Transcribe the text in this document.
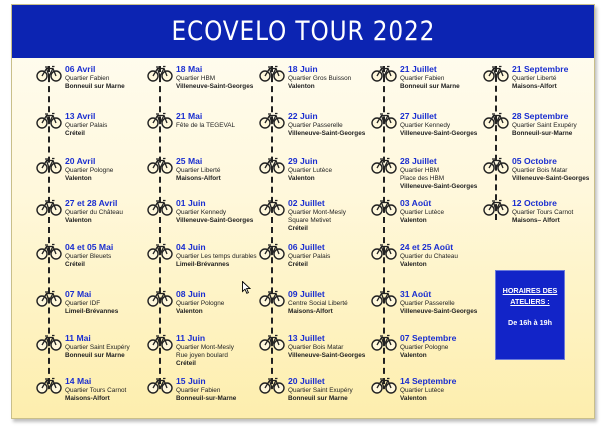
ECOVELO TOUR 2022
06 Avril
Quartier Fabien
Bonneuil sur Marne
13 Avril
Quartier Palais
Créteil
20 Avril
Quartier Pologne
Valenton
27 et 28 Avril
Quartier du Château
Valenton
04 et 05 Mai
Quartier Bleuets
Créteil
07 Mai
Quartier IDF
Limeil-Brévannes
11 Mai
Quartier Saint Exupéry
Bonneuil sur Marne
14 Mai
Quartier Tours Carnot
Maisons-Alfort
18 Mai
Quartier HBM
Villeneuve-Saint-Georges
21 Mai
Fête de la TEGEVAL
25 Mai
Quartier Liberté
Maisons-Alfort
01 Juin
Quartier Kennedy
Villeneuve-Saint-Georges
04 Juin
Quartier Les temps durables
Limeil-Brévannes
08 Juin
Quartier Pologne
Valenton
11 Juin
Quartier Mont-Mesly
Rue joyen boulard
Créteil
15 Juin
Quartier Fabien
Bonneuil-sur-Marne
18 Juin
Quartier Gros Buisson
Valenton
22 Juin
Quartier Passerelle
Villeneuve-Saint-Georges
29 Juin
Quartier Lutèce
Valenton
02 Juillet
Quartier Mont-Mesly
Square Metivet
Créteil
06 Juillet
Quartier Palais
Créteil
09 Juillet
Centre Social Liberté
Maisons-Alfort
13 Juillet
Quartier Bois Matar
Villeneuve-Saint-Georges
20 Juillet
Quartier Saint Exupéry
Bonneuil sur Marne
21 Juillet
Quartier Fabien
Bonneuil sur Marne
27 Juillet
Quartier Kennedy
Villeneuve-Saint-Georges
28 Juillet
Quartier HBM
Place des HBM
Villeneuve-Saint-Georges
03 Août
Quartier Lutèce
Valenton
24 et 25 Août
Quartier du Chateau
Valenton
31 Août
Quartier Passerelle
Villeneuve-Saint-Georges
07 Septembre
Quartier Pologne
Valenton
14 Septembre
Quartier Lutèce
Valenton
21 Septembre
Quartier Liberté
Maisons-Alfort
28 Septembre
Quartier Saint Exupéry
Bonneuil-sur-Marne
05 Octobre
Quartier Bois Matar
Villeneuve-Saint-Georges
12 Octobre
Quartier Tours Carnot
Maisons– Alfort
HORAIRES DES
ATELIERS :
De 16h à 19h
